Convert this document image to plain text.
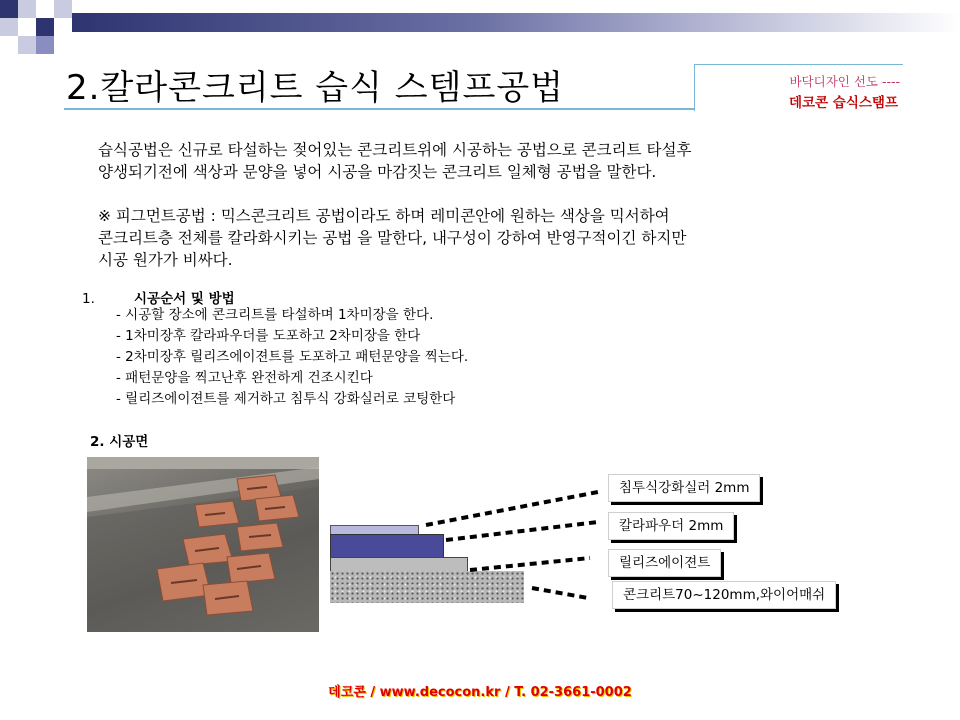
2.칼라콘크리트 습식 스템프공법	바닥디자인 선도 ----
데코콘 습식스탬프
습식공법은 신규로 타설하는 젖어있는 콘크리트위에 시공하는 공법으로 콘크리트 타설후
양생되기전에 색상과 문양을 넣어 시공을 마감짓는 콘크리트 일체형 공법을 말한다.
※ 피그먼트공법 : 믹스콘크리트 공법이라도 하며 레미콘안에 원하는 색상을 믹서하여
콘크리트층 전체를 칼라화시키는 공법 을 말한다, 내구성이 강하여 반영구적이긴 하지만
시공 원가가 비싸다.
1.	시공순서 및 방법
- 시공할 장소에 콘크리트를 타설하며 1차미장을 한다.
- 1차미장후 칼라파우더를 도포하고 2차미장을 한다
- 2차미장후 릴리즈에이젼트를 도포하고 패턴문양을 찍는다.
- 패턴문양을 찍고난후 완전하게 건조시킨다
- 릴리즈에이젼트를 제거하고 침투식 강화실러로 코팅한다
2. 시공면
침투식강화실러 2mm
칼라파우더 2mm
릴리즈에이젼트
콘크리트70~120mm,와이어매쉬
데코콘 / www.decocon.kr / T. 02-3661-0002
